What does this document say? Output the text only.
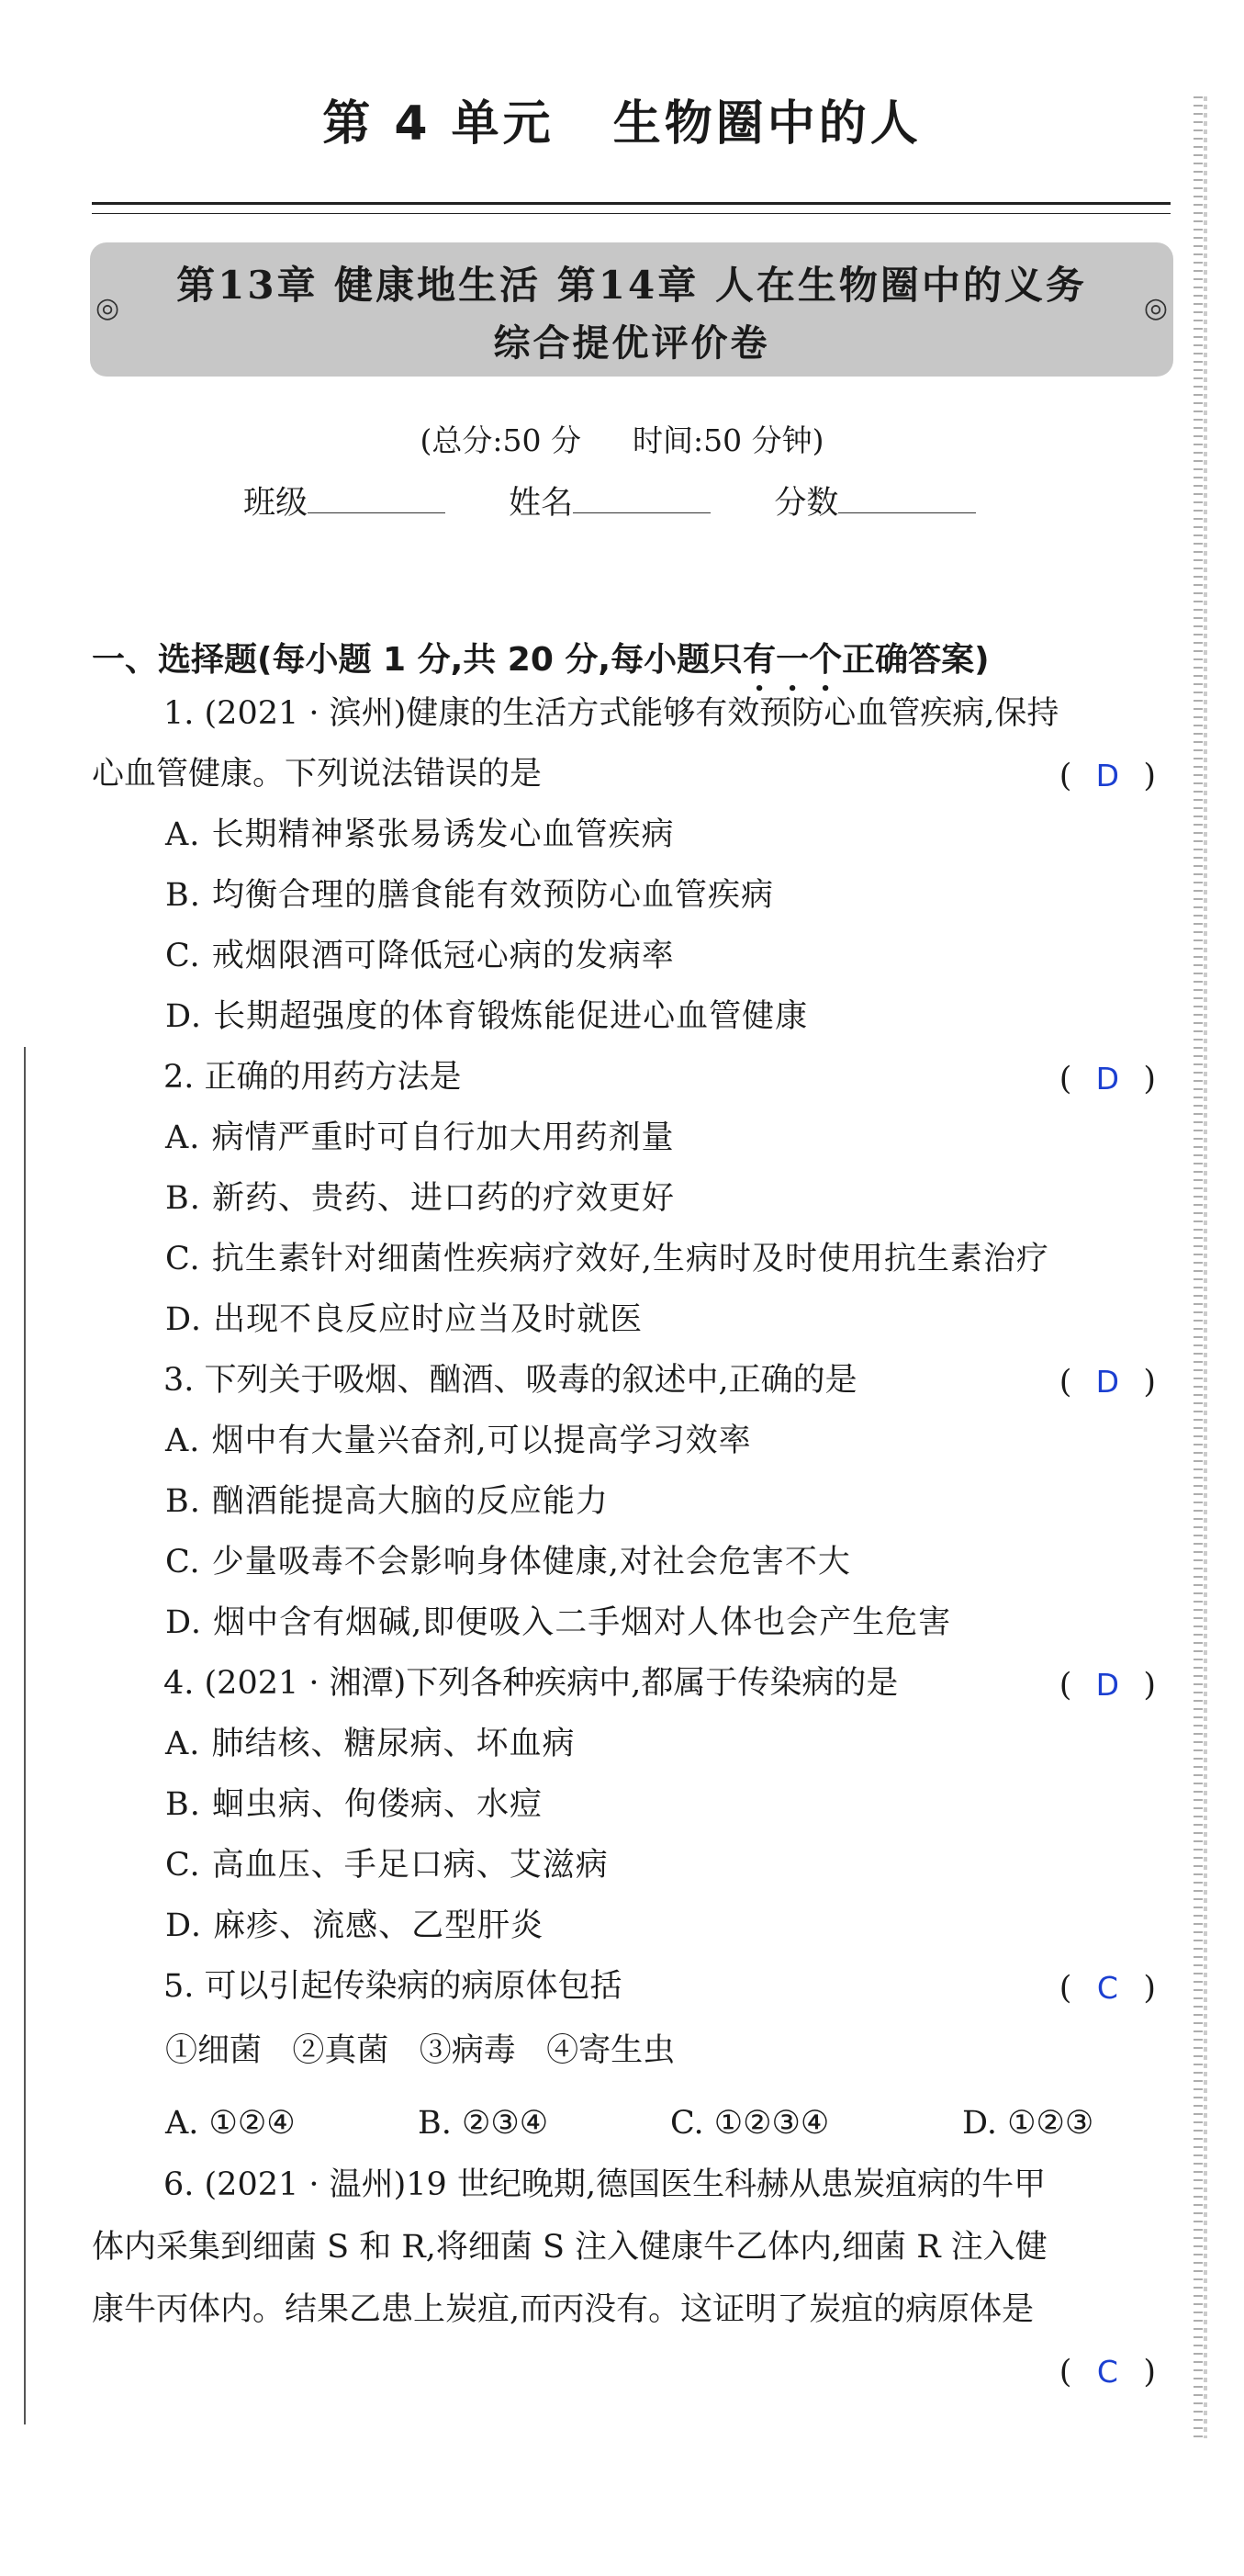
第 4 单元 生物圈中的人
◎	◎
第13章 健康地生活 第14章 人在生物圈中的义务
综合提优评价卷
(总分:50 分 时间:50 分钟)
班级	姓名	分数
一、选择题(每小题 1 分,共 20 分,每小题只有一个正确答案)
1. (2021 · 滨州)健康的生活方式能够有效预防心血管疾病,保持
心血管健康。下列说法错误的是	( D )
A. 长期精神紧张易诱发心血管疾病
B. 均衡合理的膳食能有效预防心血管疾病
C. 戒烟限酒可降低冠心病的发病率
D. 长期超强度的体育锻炼能促进心血管健康
2. 正确的用药方法是	( D )
A. 病情严重时可自行加大用药剂量
B. 新药、贵药、进口药的疗效更好
C. 抗生素针对细菌性疾病疗效好,生病时及时使用抗生素治疗
D. 出现不良反应时应当及时就医
3. 下列关于吸烟、酗酒、吸毒的叙述中,正确的是	( D )
A. 烟中有大量兴奋剂,可以提高学习效率
B. 酗酒能提高大脑的反应能力
C. 少量吸毒不会影响身体健康,对社会危害不大
D. 烟中含有烟碱,即便吸入二手烟对人体也会产生危害
4. (2021 · 湘潭)下列各种疾病中,都属于传染病的是	( D )
A. 肺结核、糖尿病、坏血病
B. 蛔虫病、佝偻病、水痘
C. 高血压、手足口病、艾滋病
D. 麻疹、流感、乙型肝炎
5. 可以引起传染病的病原体包括	( C )
①细菌   ②真菌   ③病毒   ④寄生虫
A. ①②④	B. ②③④	C. ①②③④	D. ①②③
6. (2021 · 温州)19 世纪晚期,德国医生科赫从患炭疽病的牛甲
体内采集到细菌 S 和 R,将细菌 S 注入健康牛乙体内,细菌 R 注入健
康牛丙体内。结果乙患上炭疽,而丙没有。这证明了炭疽的病原体是
( C )
